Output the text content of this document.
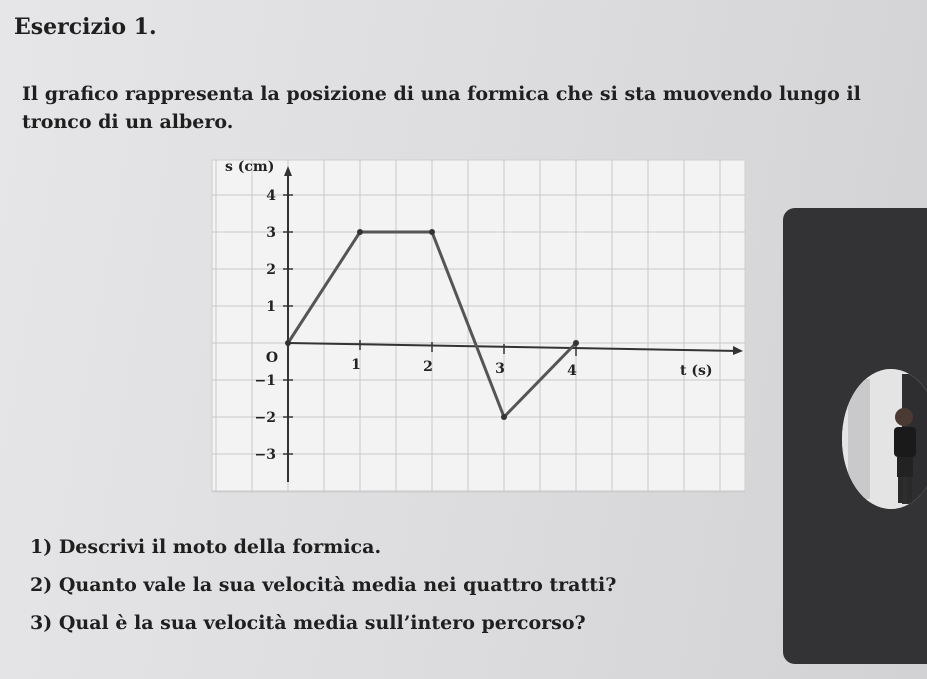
Esercizio 1.
Il grafico rappresenta la posizione di una formica che si sta muovendo lungo il
tronco di un albero.
1	2	3	4
4
3
2
1
−1
−2
−3
O
s (cm)
t (s)
1) Descrivi il moto della formica.
2) Quanto vale la sua velocità media nei quattro tratti?
3) Qual è la sua velocità media sull’intero percorso?
